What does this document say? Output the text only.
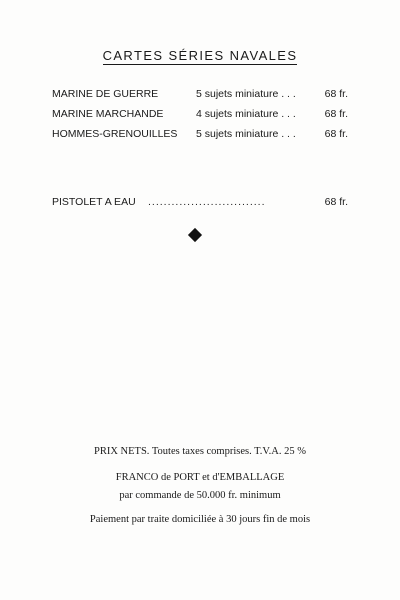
CARTES SÉRIES NAVALES
MARINE DE GUERRE	5 sujets miniature . . .	68 fr.
MARINE MARCHANDE	4 sujets miniature . . .	68 fr.
HOMMES-GRENOUILLES 5 sujets miniature . . .	68 fr.
PISTOLET A EAU ..............................	68 fr.
PRIX NETS. Toutes taxes comprises. T.V.A. 25 %
FRANCO de PORT et d'EMBALLAGE
par commande de 50.000 fr. minimum
Paiement par traite domiciliée à 30 jours fin de mois
